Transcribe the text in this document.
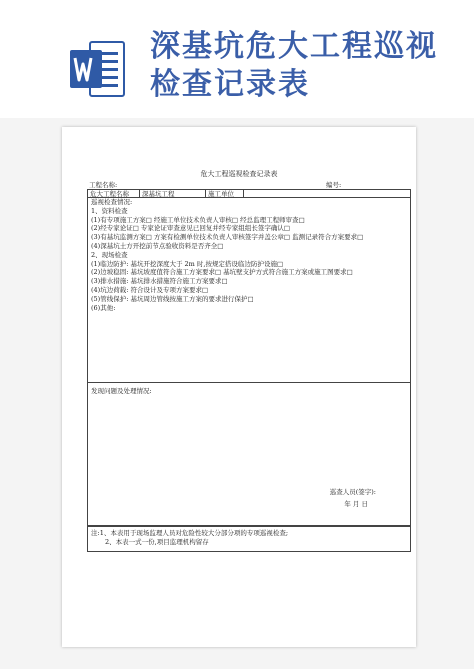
深基坑危大工程巡视检查记录表
危大工程巡视检查记录表
工程名称:	编号:
危大工程名称	深基坑工程	施工单位
巡视检查情况:
1、资料检查
(1)有专项施工方案□ 经施工单位技术负责人审核□ 经总监理工程师审查□
(2)经专家论证□ 专家论证审查意见已回复并经专家组组长签字确认□
(3)有基坑监测方案□ 方案有检测单位技术负责人审核签字并盖公章□ 监测记录符合方案要求□
(4)深基坑土方开挖前节点验收资料是否齐全□
2、现场检查
(1)临边防护: 基坑开挖深度大于 2m 时,按规定搭设临边防护设施□
(2)边坡稳固: 基坑坡度值符合施工方案要求□ 基坑壁支护方式符合施工方案或施工图要求□
(3)排水措施: 基坑排水措施符合施工方案要求□
(4)坑边荷载: 符合设计及专项方案要求□
(5)管线保护: 基坑周边管线按施工方案的要求进行保护□
(6)其他:
发现问题及处理情况:
巡查人员(签字):
年 月 日
注:1、本表用于现场监理人员对危险性较大分部分项的专项巡视检查;
2、本表一式一份,项目监理机构留存
